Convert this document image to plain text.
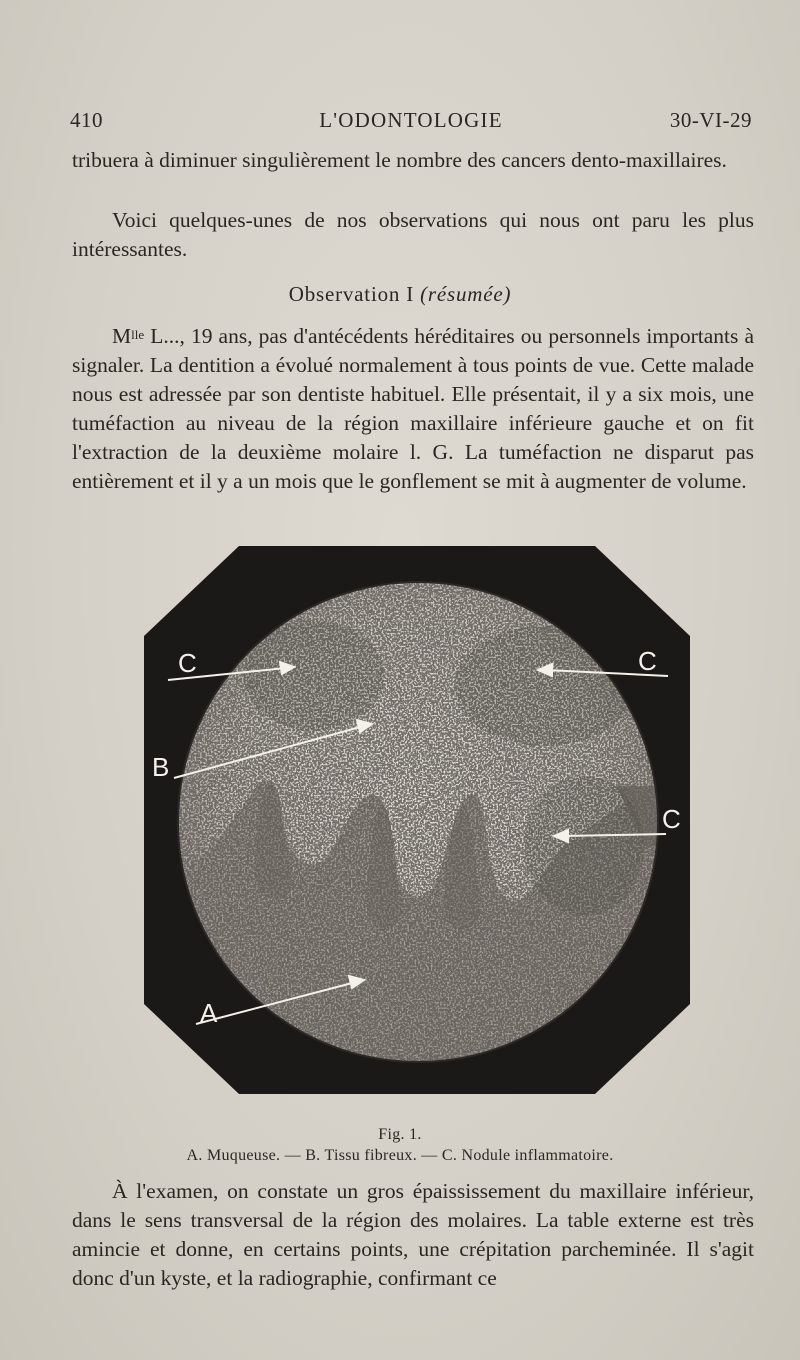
410	L'ODONTOLOGIE	30-VI-29

tribuera à diminuer singulièrement le nombre des cancers dento-maxillaires.

Voici quelques-unes de nos observations qui nous ont paru les plus intéressantes.

Observation I (résumée)

$M^{lle}$ L..., 19 ans, pas d'antécédents héréditaires ou personnels importants à signaler. La dentition a évolué normalement à tous points de vue. Cette malade nous est adressée par son dentiste habituel. Elle présentait, il y a six mois, une tuméfaction au niveau de la région maxillaire inférieure gauche et on fit l'extraction de la deuxième molaire l. G. La tuméfaction ne disparut pas entièrement et il y a un mois que le gonflement se mit à augmenter de volume.

C
B
C
C
A
Fig. 1.
A. Muqueuse. — B. Tissu fibreux. — C. Nodule inflammatoire.

À l'examen, on constate un gros épaississement du maxillaire inférieur, dans le sens transversal de la région des molaires. La table externe est très amincie et donne, en certains points, une crépitation parcheminée. Il s'agit donc d'un kyste, et la radiographie, confirmant ce
